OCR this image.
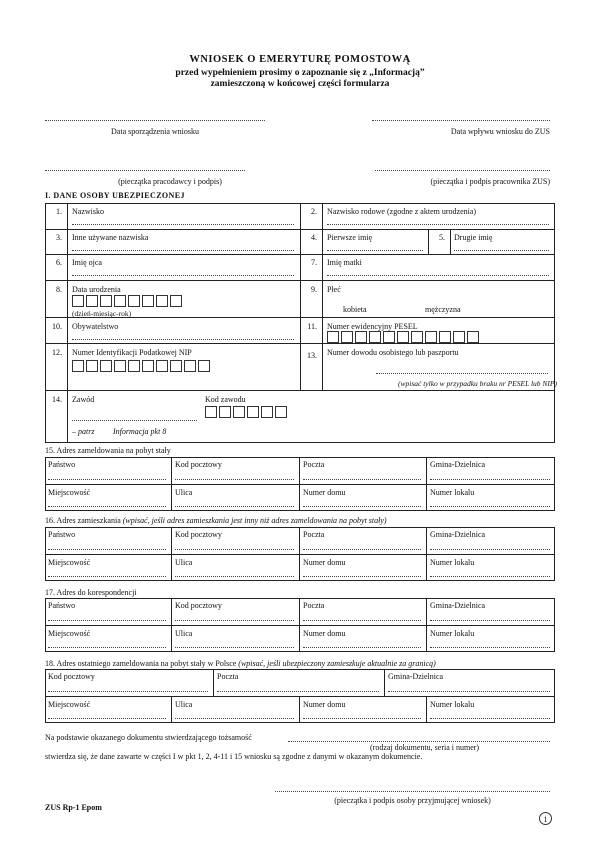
WNIOSEK O EMERYTURĘ POMOSTOWĄ
przed wypełnieniem prosimy o zapoznanie się z „Informacją”
zamieszczoną w końcowej części formularza
Data sporządzenia wniosku	Data wpływu wniosku do ZUS
(pieczątka pracodawcy i podpis)	(pieczątka i podpis pracownika ZUS)
I. DANE OSOBY UBEZPIECZONEJ
1. Nazwisko	2. Nazwisko rodowe (zgodne z aktem urodzenia)
3. Inne używane nazwiska	4. Pierwsze imię	5. Drugie imię
6. Imię ojca	7. Imię matki
8. Data urodzenia
(dzień-miesiąc-rok)
9. Płeć
kobieta	mężczyzna
10. Obywatelstwo	11. Numer ewidencyjny PESEL
12. Numer Identyfikacji Podatkowej NIP	13. Numer dowodu osobistego lub paszportu
(wpisać tylko w przypadku braku nr PESEL lub NIP)
14. Zawód
– patrz Informacja pkt 8
Kod zawodu
15. Adres zameldowania na pobyt stały
Państwo	Kod pocztowy	Poczta	Gmina-Dzielnica
Miejscowość	Ulica	Numer domu	Numer lokalu
16. Adres zamieszkania (wpisać, jeśli adres zamieszkania jest inny niż adres zameldowania na pobyt stały)
Państwo	Kod pocztowy	Poczta	Gmina-Dzielnica
Miejscowość	Ulica	Numer domu	Numer lokalu
17. Adres do korespondencji
Państwo	Kod pocztowy	Poczta	Gmina-Dzielnica
Miejscowość	Ulica	Numer domu	Numer lokalu
18. Adres ostatniego zameldowania na pobyt stały w Polsce (wpisać, jeśli ubezpieczony zamieszkuje aktualnie za granicą)
Kod pocztowy	Poczta	Gmina-Dzielnica
Miejscowość	Ulica	Numer domu	Numer lokalu
Na podstawie okazanego dokumentu stwierdzającego tożsamość
(rodzaj dokumentu, seria i numer)
stwierdza się, że dane zawarte w części I w pkt 1, 2, 4-11 i 15 wniosku są zgodne z danymi w okazanym dokumencie.
(pieczątka i podpis osoby przyjmującej wniosek)
ZUS Rp-1 Epom
1
